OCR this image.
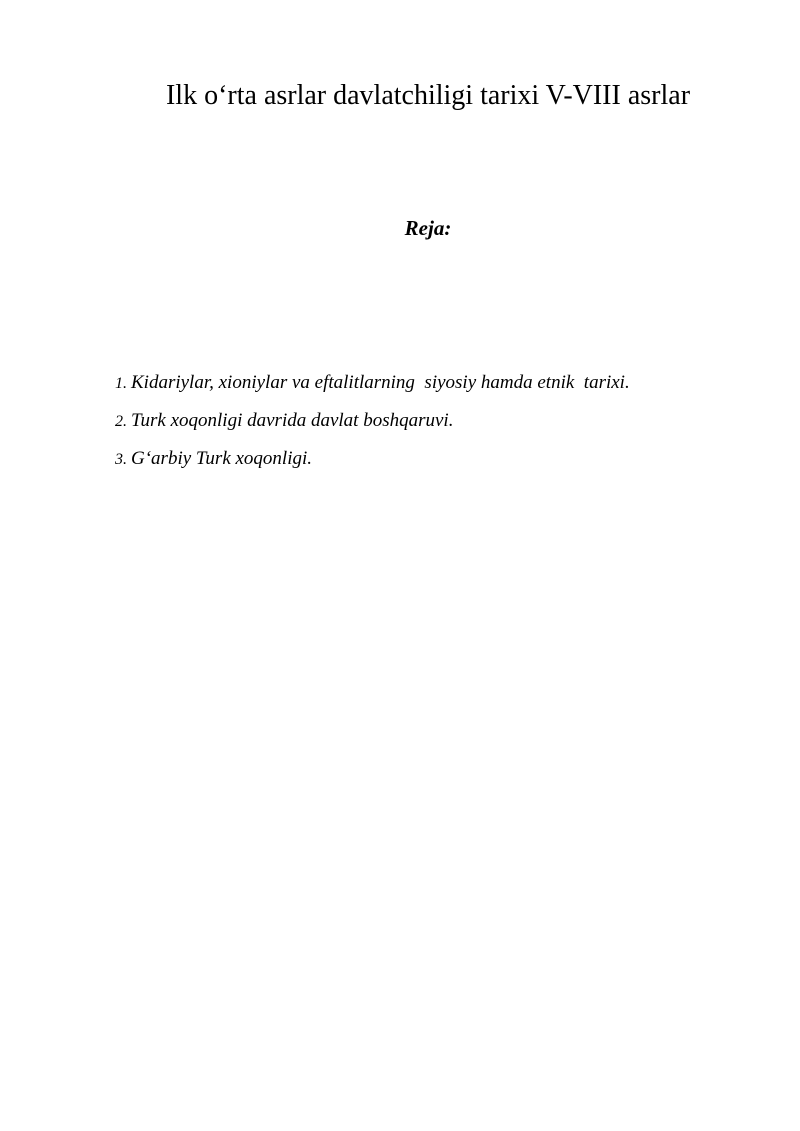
Ilk o‘rta asrlar davlatchiligi tarixi V-VIII asrlar
Reja:
1. Kidariylar, xioniylar va eftalitlarning  siyosiy hamda etnik  tarixi.
2. Turk xoqonligi davrida davlat boshqaruvi.
3. G‘arbiy Turk xoqonligi.
